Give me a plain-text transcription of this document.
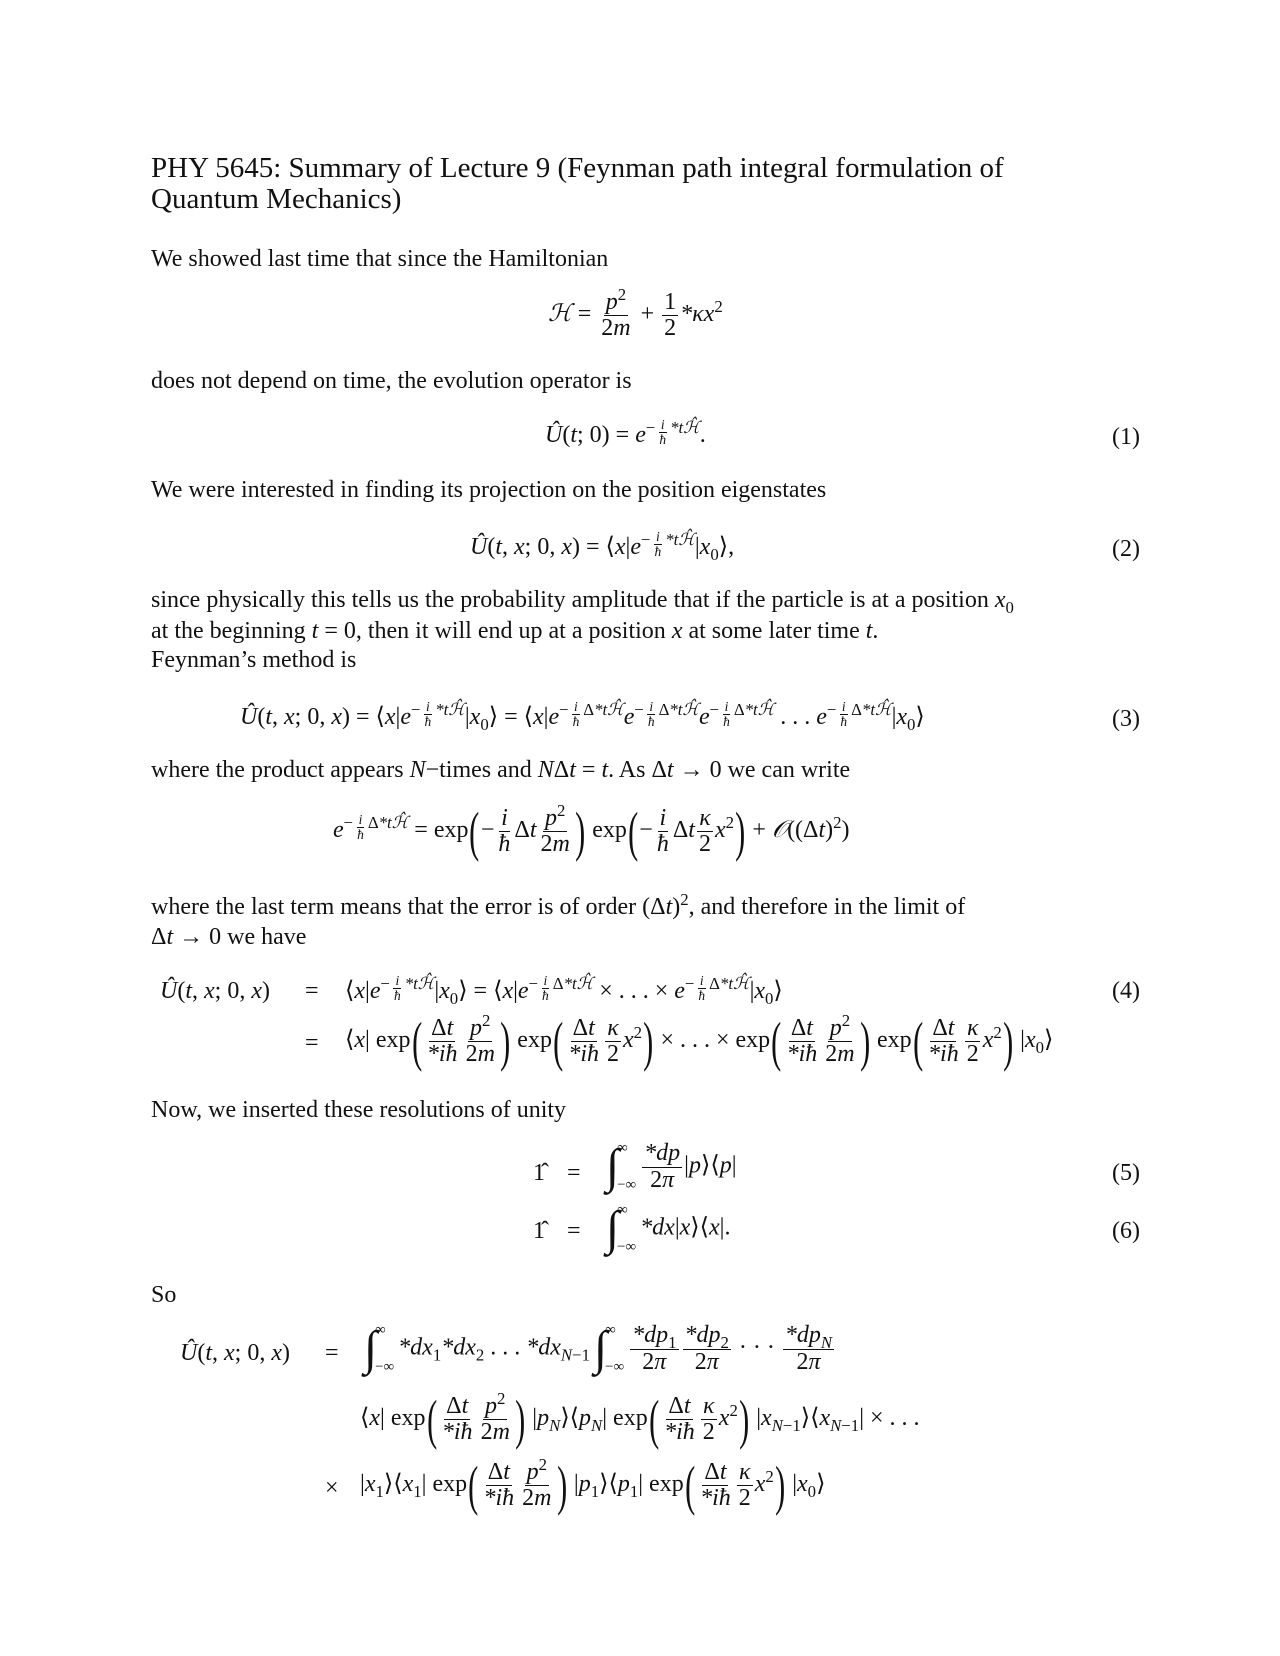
PHY 5645: Summary of Lecture 9 (Feynman path integral formulation of
Quantum Mechanics)
We showed last time that since the Hamiltonian
ℋ = $\frac{p^2}{2m} + \frac{1}{2} *\kappa x^2$
does not depend on time, the evolution operator is
Û(t; $0) = e^{- \frac{i}{ħ} *tℋ̂}$.	(1)
We were interested in finding its projection on the position eigenstates
Û(t, x; 0, $x) = ⟨x|e^{- \frac{i}{ħ} *tℋ̂}|x_0⟩$,	(2)
since physically this tells us the probability amplitude that if the particle is at a position $x_0$
at the beginning t = 0, then it will end up at a position x at some later time t.
Feynman’s method is
Û(t, x; 0, $x) = ⟨x|e^{- \frac{i}{ħ} *tℋ̂}|x_0⟩$ = $⟨x|e^{- \frac{i}{ħ} \Delta*tℋ̂}e^{- \frac{i}{ħ} \Delta*tℋ̂}e^{- \frac{i}{ħ} \Delta*tℋ̂}$ . . . $e^{- \frac{i}{ħ} \Delta*tℋ̂}|x_0⟩$	(3)
where the product appears N−times and NΔt = t. As Δt → 0 we can write
$e^{- \frac{i}{ħ} \Delta*tℋ̂} = \exp(- \frac{i}{ħ}$ Δt $\frac{p^2}{2m}$ ) $\exp(- \frac{i}{ħ}$ Δt $\frac{\kappa}{2} x^2$) + $𝒪((\Delta t)^2)$
where the last term means that the error is of order $(\Delta t)^2$, and therefore in the limit of
Δt → 0 we have
Û(t, x; 0, $x) = ⟨x|e^{- \frac{i}{ħ} *tℋ̂}|x_0⟩$ = $⟨x|e^{- \frac{i}{ħ} \Delta*tℋ̂}$ × . . . × $e^{- \frac{i}{ħ} \Delta*tℋ̂}|x_0⟩$
= ⟨x| $\exp( \frac{\Delta t}{*iħ} \frac{p^2}{2m}$ ) $\exp( \frac{\Delta t}{*iħ} \frac{\kappa}{2} x^2)$ × . . . × $\exp( \frac{\Delta t}{*iħ} \frac{p^2}{2m}$ ) $\exp( \frac{\Delta t}{*iħ} \frac{\kappa}{2} x^2)$ $|x_0⟩$
(4)
Now, we inserted these resolutions of unity
1̂ = ∫
∞
−∞ $\frac{*dp}{2\pi}$ |p⟩⟨p|	(5)
1̂ = ∫
∞
−∞
*dx|x⟩⟨x|.	(6)
So
Û(t, x; 0, x) = ∫
∞
−∞
$*dx_1*dx_2$ . . . $*dx_{N-1}$ ∫
∞
−∞ $\frac{*dp_1}{2\pi} \frac{*dp_2}{2\pi}$ · · · $\frac{*dp_N}{2\pi}$
⟨x| $\exp( \frac{\Delta t}{*iħ} \frac{p^2}{2m}$ ) $|p_N⟩⟨p_N|$ $\exp( \frac{\Delta t}{*iħ} \frac{\kappa}{2} x^2)$ $|x_{N-1}⟩⟨x_{N-1}|$ × . . .
× $|x_1⟩⟨x_1|$ $\exp( \frac{\Delta t}{*iħ} \frac{p^2}{2m}$ ) $|p_1⟩⟨p_1|$ $\exp( \frac{\Delta t}{*iħ} \frac{\kappa}{2} x^2)$ $|x_0⟩$
